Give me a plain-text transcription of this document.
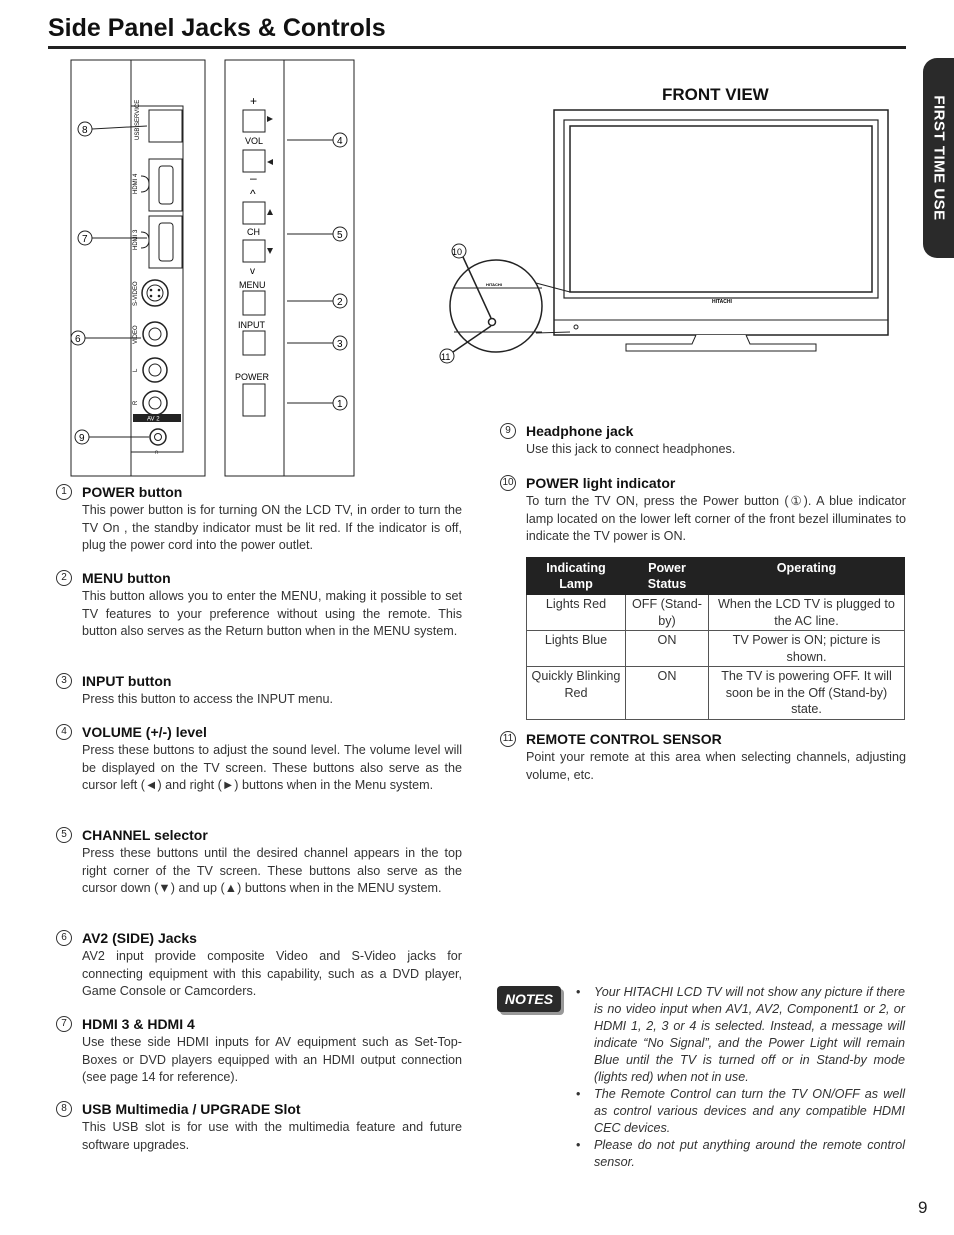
Side Panel Jacks & Controls
FIRST TIME USE
USB SERVICE
HDMI 4
HDMI 3
S-VIDEO
VIDEO
L
R
AV 2
∩
+
VOL
–
^
CH
v
MENU
INPUT
POWER
8
7
6
9
4
5
2
3
1
FRONT VIEW
HITACHI
HITACHI
10
11
1	POWER button
This power button is for turning ON the LCD TV, in order to turn the TV On , the standby indicator must be lit red. If the indicator is off, plug the power cord into the power outlet.
2	MENU button
This button allows you to enter the MENU, making it possible to set TV features to your preference without using the remote. This button also serves as the Return button when in the MENU system.
3	INPUT button
Press this button to access the INPUT menu.
4	VOLUME (+/-) level
Press these buttons to adjust the sound level. The volume level will be displayed on the TV screen. These buttons also serve as the cursor left (◄) and right (►) buttons when in the Menu system.
5	CHANNEL selector
Press these buttons until the desired channel appears in the top right corner of the TV screen. These buttons also serve as the cursor down (▼) and up (▲) buttons when in the MENU system.
6	AV2 (SIDE) Jacks
AV2 input provide composite Video and S-Video jacks for connecting equipment with this capability, such as a DVD player, Game Console or Camcorders.
7	HDMI 3 & HDMI 4
Use these side HDMI inputs for AV equipment such as Set-Top-Boxes or DVD players equipped with an HDMI output connection (see page 14 for reference).
8	USB Multimedia / UPGRADE Slot
This USB slot is for use with the multimedia feature and future software upgrades.
9	Headphone jack
Use this jack to connect headphones.
10 POWER light indicator
To turn the TV ON, press the Power button (①). A blue indicator lamp located on the lower left corner of the front bezel illuminates to indicate the TV power is ON.
Indicating Lamp	Power Status	Operating
Lights Red	OFF (Stand-by)	When the LCD TV is plugged to the AC line.
Lights Blue	ON	TV Power is ON; picture is shown.
Quickly Blinking Red	ON	The TV is powering OFF. It will soon be in the Off (Stand-by) state.
11 REMOTE CONTROL SENSOR
Point your remote at this area when selecting channels, adjusting volume, etc.
NOTES	• Your HITACHI LCD TV will not show any picture if there is no video input when AV1, AV2, Component1 or 2, or HDMI 1, 2, 3 or 4 is selected. Instead, a message will indicate “No Signal”, and the Power Light will remain Blue until the TV is turned off or in Stand-by mode (lights red) when not in use.
• The Remote Control can turn the TV ON/OFF as well as control various devices and any compatible HDMI CEC devices.
• Please do not put anything around the remote control sensor.
9
